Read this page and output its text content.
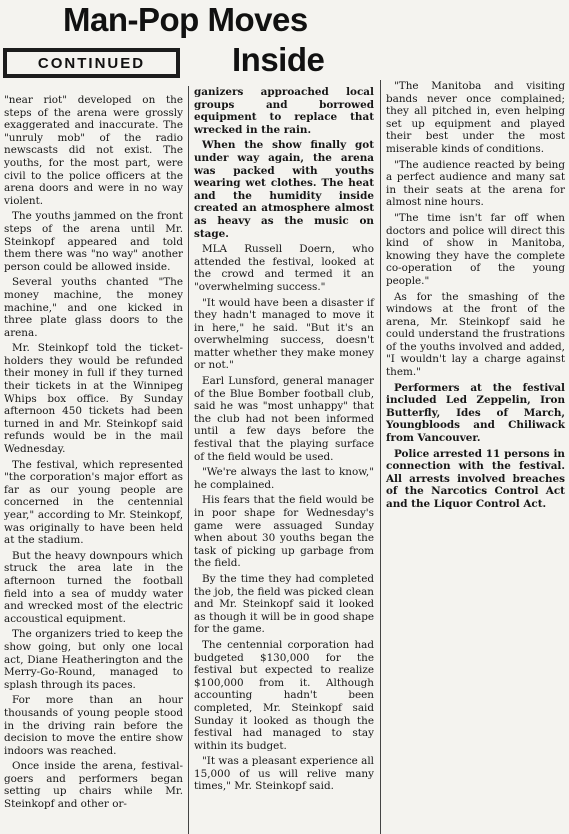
Man-Pop Moves
Inside
CONTINUED

"near riot" developed on the steps of the arena were grossly exaggerated and inaccurate. The "unruly mob" of the radio newscasts did not exist. The youths, for the most part, were civil to the police officers at the arena doors and were in no way violent.

The youths jammed on the front steps of the arena until Mr. Steinkopf appeared and told them there was "no way" another person could be allowed inside.

Several youths chanted "The money machine, the money machine," and one kicked in three plate glass doors to the arena.

Mr. Steinkopf told the ticket-holders they would be refunded their money in full if they turned their tickets in at the Winnipeg Whips box office. By Sunday afternoon 450 tickets had been turned in and Mr. Steinkopf said refunds would be in the mail Wednesday.

The festival, which represented "the corporation's major effort as far as our young people are concerned in the centennial year," according to Mr. Steinkopf, was originally to have been held at the stadium.

But the heavy downpours which struck the area late in the afternoon turned the football field into a sea of muddy water and wrecked most of the electric accoustical equipment.

The organizers tried to keep the show going, but only one local act, Diane Heatherington and the Merry-Go-Round, managed to splash through its paces.

For more than an hour thousands of young people stood in the driving rain before the decision to move the entire show indoors was reached.

Once inside the arena, festival-goers and performers began setting up chairs while Mr. Steinkopf and other or-

ganizers approached local groups and borrowed equipment to replace that wrecked in the rain.

When the show finally got under way again, the arena was packed with youths wearing wet clothes. The heat and the humidity inside created an atmosphere almost as heavy as the music on stage.

MLA Russell Doern, who attended the festival, looked at the crowd and termed it an "overwhelming success."

"It would have been a disaster if they hadn't managed to move it in here," he said. "But it's an overwhelming success, doesn't matter whether they make money or not."

Earl Lunsford, general manager of the Blue Bomber football club, said he was "most unhappy" that the club had not been informed until a few days before the festival that the playing surface of the field would be used.

"We're always the last to know," he complained.

His fears that the field would be in poor shape for Wednesday's game were assuaged Sunday when about 30 youths began the task of picking up garbage from the field.

By the time they had completed the job, the field was picked clean and Mr. Steinkopf said it looked as though it will be in good shape for the game.

The centennial corporation had budgeted $130,000 for the festival but expected to realize $100,000 from it. Although accounting hadn't been completed, Mr. Steinkopf said Sunday it looked as though the festival had managed to stay within its budget.

"It was a pleasant experience all 15,000 of us will relive many times," Mr. Steinkopf said.

"The Manitoba and visiting bands never once complained; they all pitched in, even helping set up equipment and played their best under the most miserable kinds of conditions.

"The audience reacted by being a perfect audience and many sat in their seats at the arena for almost nine hours.

"The time isn't far off when doctors and police will direct this kind of show in Manitoba, knowing they have the complete co-operation of the young people."

As for the smashing of the windows at the front of the arena, Mr. Steinkopf said he could understand the frustrations of the youths involved and added, "I wouldn't lay a charge against them."

Performers at the festival included Led Zeppelin, Iron Butterfly, Ides of March, Youngbloods and Chiliwack from Vancouver.

Police arrested 11 persons in connection with the festival. All arrests involved breaches of the Narcotics Control Act and the Liquor Control Act.
